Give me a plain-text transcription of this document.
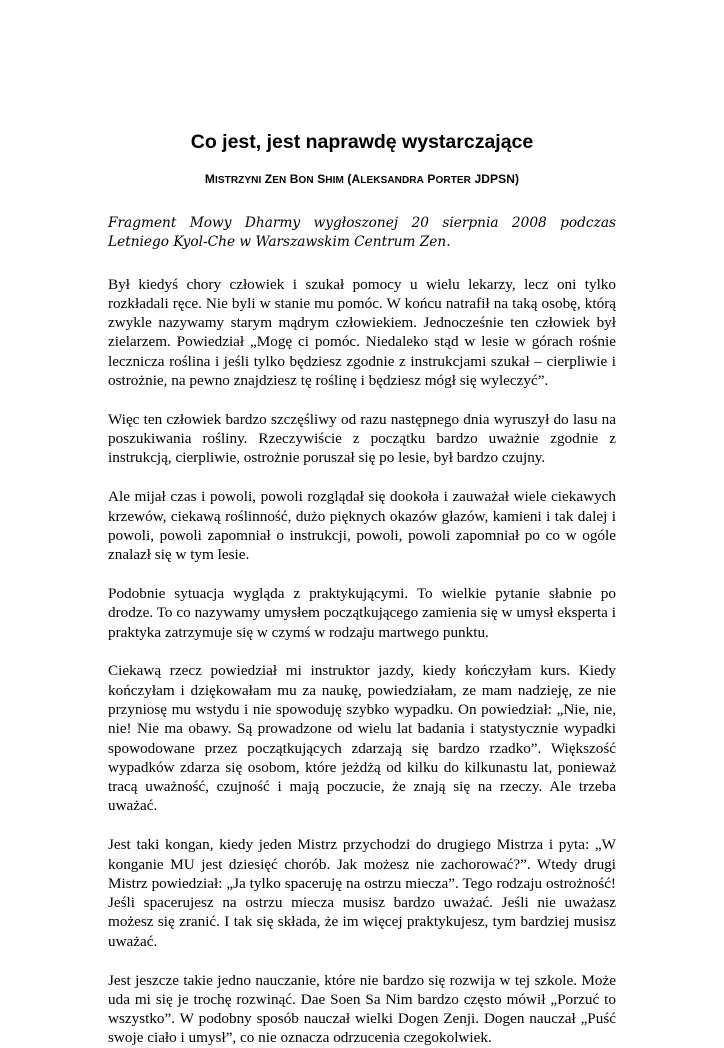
Co jest, jest naprawdę wystarczające
MISTRZYNI ZEN BON SHIM (ALEKSANDRA PORTER JDPSN)

Fragment Mowy Dharmy wygłoszonej 20 sierpnia 2008 podczas Letniego Kyol-Che w Warszawskim Centrum Zen.

Był kiedyś chory człowiek i szukał pomocy u wielu lekarzy, lecz oni tylko rozkładali ręce. Nie byli w stanie mu pomóc. W końcu natrafił na taką osobę, którą zwykle nazywamy starym mądrym człowiekiem. Jednocześnie ten człowiek był zielarzem. Powiedział „Mogę ci pomóc. Niedaleko stąd w lesie w górach rośnie lecznicza roślina i jeśli tylko będziesz zgodnie z instrukcjami szukał – cierpliwie i ostrożnie, na pewno znajdziesz tę roślinę i będziesz mógł się wyleczyć”.

Więc ten człowiek bardzo szczęśliwy od razu następnego dnia wyruszył do lasu na poszukiwania rośliny. Rzeczywiście z początku bardzo uważnie zgodnie z instrukcją, cierpliwie, ostrożnie poruszał się po lesie, był bardzo czujny.

Ale mijał czas i powoli, powoli rozglądał się dookoła i zauważał wiele ciekawych krzewów, ciekawą roślinność, dużo pięknych okazów głazów, kamieni i tak dalej i powoli, powoli zapomniał o instrukcji, powoli, powoli zapomniał po co w ogóle znalazł się w tym lesie.

Podobnie sytuacja wygląda z praktykującymi. To wielkie pytanie słabnie po drodze. To co nazywamy umysłem początkującego zamienia się w umysł eksperta i praktyka zatrzymuje się w czymś w rodzaju martwego punktu.

Ciekawą rzecz powiedział mi instruktor jazdy, kiedy kończyłam kurs. Kiedy kończyłam i dziękowałam mu za naukę, powiedziałam, ze mam nadzieję, ze nie przyniosę mu wstydu i nie spowoduję szybko wypadku. On powiedział: „Nie, nie, nie! Nie ma obawy. Są prowadzone od wielu lat badania i statystycznie wypadki spowodowane przez początkujących zdarzają się bardzo rzadko”. Większość wypadków zdarza się osobom, które jeżdżą od kilku do kilkunastu lat, ponieważ tracą uważność, czujność i mają poczucie, że znają się na rzeczy. Ale trzeba uważać.

Jest taki kongan, kiedy jeden Mistrz przychodzi do drugiego Mistrza i pyta: „W konganie MU jest dziesięć chorób. Jak możesz nie zachorować?”. Wtedy drugi Mistrz powiedział: „Ja tylko spaceruję na ostrzu miecza”. Tego rodzaju ostrożność! Jeśli spacerujesz na ostrzu miecza musisz bardzo uważać. Jeśli nie uważasz możesz się zranić. I tak się składa, że im więcej praktykujesz, tym bardziej musisz uważać.

Jest jeszcze takie jedno nauczanie, które nie bardzo się rozwija w tej szkole. Może uda mi się je trochę rozwinąć. Dae Soen Sa Nim bardzo często mówił „Porzuć to wszystko”. W podobny sposób nauczał wielki Dogen Zenji. Dogen nauczał „Puść swoje ciało i umysł”, co nie oznacza odrzucenia czegokolwiek.
